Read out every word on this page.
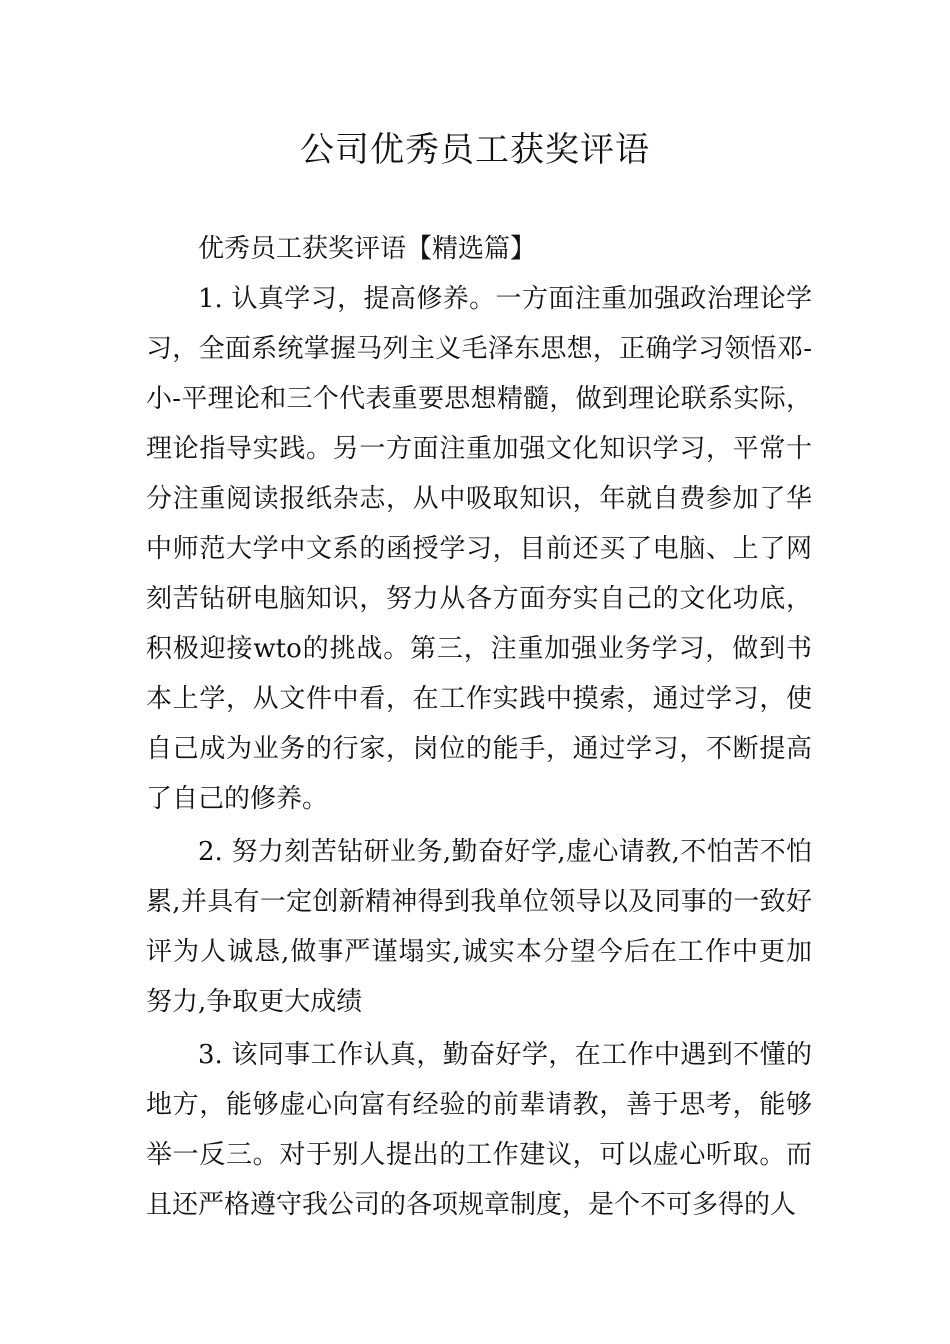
公司优秀员工获奖评语

优秀员工获奖评语【精选篇】

1. 认真学习，提高修养。一方面注重加强政治理论学习，全面系统掌握马列主义毛泽东思想，正确学习领悟邓-小-平理论和三个代表重要思想精髓，做到理论联系实际，理论指导实践。另一方面注重加强文化知识学习，平常十分注重阅读报纸杂志，从中吸取知识，年就自费参加了华中师范大学中文系的函授学习，目前还买了电脑、上了网刻苦钻研电脑知识，努力从各方面夯实自己的文化功底，积极迎接wto的挑战。第三，注重加强业务学习，做到书本上学，从文件中看，在工作实践中摸索，通过学习，使自己成为业务的行家，岗位的能手，通过学习，不断提高了自己的修养。

2. 努力刻苦钻研业务,勤奋好学,虚心请教,不怕苦不怕累,并具有一定创新精神得到我单位领导以及同事的一致好评为人诚恳,做事严谨塌实,诚实本分望今后在工作中更加努力,争取更大成绩

3. 该同事工作认真，勤奋好学，在工作中遇到不懂的地方，能够虚心向富有经验的前辈请教，善于思考，能够举一反三。对于别人提出的工作建议，可以虚心听取。而且还严格遵守我公司的各项规章制度，是个不可多得的人
